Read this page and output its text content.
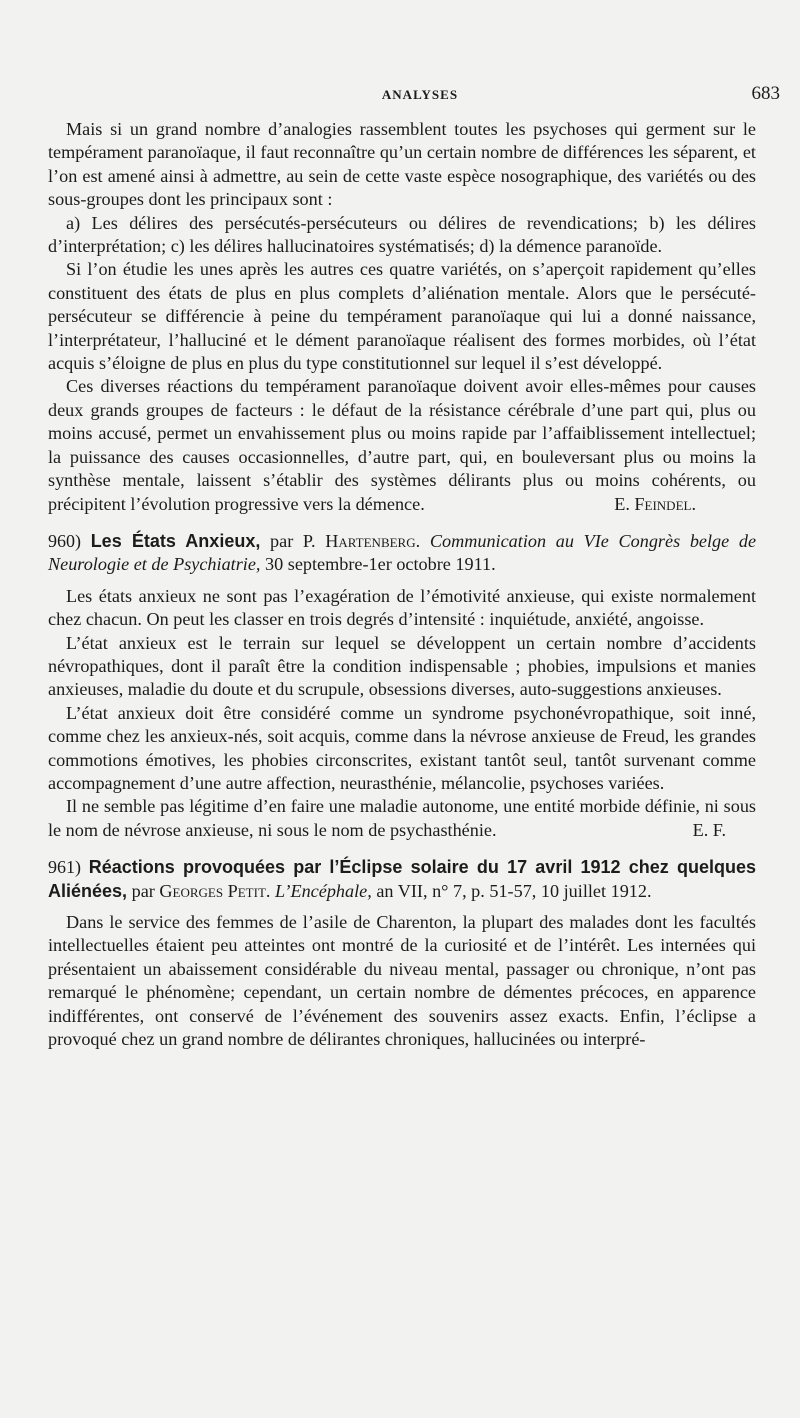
ANALYSES	683

Mais si un grand nombre d’analogies rassemblent toutes les psychoses qui germent sur le tempérament paranoïaque, il faut reconnaître qu’un certain nombre de différences les séparent, et l’on est amené ainsi à admettre, au sein de cette vaste espèce nosographique, des variétés ou des sous-groupes dont les principaux sont :

a) Les délires des persécutés-persécuteurs ou délires de revendications; b) les délires d’interprétation; c) les délires hallucinatoires systématisés; d) la démence paranoïde.

Si l’on étudie les unes après les autres ces quatre variétés, on s’aperçoit rapidement qu’elles constituent des états de plus en plus complets d’aliénation mentale. Alors que le persécuté-persécuteur se différencie à peine du tempérament paranoïaque qui lui a donné naissance, l’interprétateur, l’halluciné et le dément paranoïaque réalisent des formes morbides, où l’état acquis s’éloigne de plus en plus du type constitutionnel sur lequel il s’est développé.

Ces diverses réactions du tempérament paranoïaque doivent avoir elles-mêmes pour causes deux grands groupes de facteurs : le défaut de la résistance cérébrale d’une part qui, plus ou moins accusé, permet un envahissement plus ou moins rapide par l’affaiblissement intellectuel; la puissance des causes occasionnelles, d’autre part, qui, en bouleversant plus ou moins la synthèse mentale, laissent s’établir des systèmes délirants plus ou moins cohérents, ou précipitent l’évolution progressive vers la démence.	E. Feindel.

960) Les États Anxieux, par P. Hartenberg. Communication au VIe Congrès belge de Neurologie et de Psychiatrie, 30 septembre-1er octobre 1911.

Les états anxieux ne sont pas l’exagération de l’émotivité anxieuse, qui existe normalement chez chacun. On peut les classer en trois degrés d’intensité : inquiétude, anxiété, angoisse.

L’état anxieux est le terrain sur lequel se développent un certain nombre d’accidents névropathiques, dont il paraît être la condition indispensable ; phobies, impulsions et manies anxieuses, maladie du doute et du scrupule, obsessions diverses, auto-suggestions anxieuses.

L’état anxieux doit être considéré comme un syndrome psychonévropathique, soit inné, comme chez les anxieux-nés, soit acquis, comme dans la névrose anxieuse de Freud, les grandes commotions émotives, les phobies circonscrites, existant tantôt seul, tantôt survenant comme accompagnement d’une autre affection, neurasthénie, mélancolie, psychoses variées.

Il ne semble pas légitime d’en faire une maladie autonome, une entité morbide définie, ni sous le nom de névrose anxieuse, ni sous le nom de psychasthénie.	E. F.

961) Réactions provoquées par l’Éclipse solaire du 17 avril 1912 chez quelques Aliénées, par Georges Petit. L’Encéphale, an VII, n° 7, p. 51-57, 10 juillet 1912.

Dans le service des femmes de l’asile de Charenton, la plupart des malades dont les facultés intellectuelles étaient peu atteintes ont montré de la curiosité et de l’intérêt. Les internées qui présentaient un abaissement considérable du niveau mental, passager ou chronique, n’ont pas remarqué le phénomène; cependant, un certain nombre de démentes précoces, en apparence indifférentes, ont conservé de l’événement des souvenirs assez exacts. Enfin, l’éclipse a provoqué chez un grand nombre de délirantes chroniques, hallucinées ou interpré-
